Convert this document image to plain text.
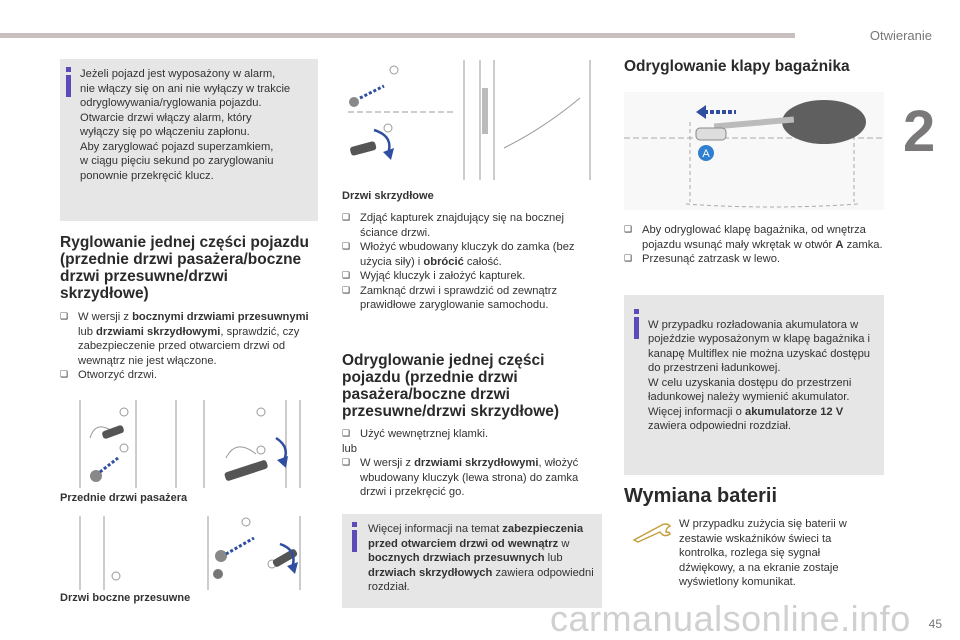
Otwieranie
2
Jeżeli pojazd jest wyposażony w alarm,
nie włączy się on ani nie wyłączy w trakcie
odryglowywania/ryglowania pojazdu.
Otwarcie drzwi włączy alarm, który
wyłączy się po włączeniu zapłonu.
Aby zaryglować pojazd superzamkiem,
w ciągu pięciu sekund po zaryglowaniu
ponownie przekręcić klucz.
Ryglowanie jednej części pojazdu (przednie drzwi pasażera/boczne drzwi przesuwne/drzwi skrzydłowe)
❑ W wersji z bocznymi drzwiami przesuwnymi lub drzwiami skrzydłowymi, sprawdzić, czy zabezpieczenie przed otwarciem drzwi od wewnątrz nie jest włączone.
❑ Otworzyć drzwi.
Przednie drzwi pasażera
Drzwi boczne przesuwne
Drzwi skrzydłowe
❑ Zdjąć kapturek znajdujący się na bocznej ściance drzwi.
❑ Włożyć wbudowany kluczyk do zamka (bez użycia siły) i obrócić całość.
❑ Wyjąć kluczyk i założyć kapturek.
❑ Zamknąć drzwi i sprawdzić od zewnątrz prawidłowe zaryglowanie samochodu.
Odryglowanie jednej części pojazdu (przednie drzwi pasażera/boczne drzwi przesuwne/drzwi skrzydłowe)
❑ Użyć wewnętrznej klamki.
lub
❑ W wersji z drzwiami skrzydłowymi, włożyć wbudowany kluczyk (lewa strona) do zamka drzwi i przekręcić go.
Więcej informacji na temat zabezpieczenia przed otwarciem drzwi od wewnątrz w bocznych drzwiach przesuwnych lub drzwiach skrzydłowych zawiera odpowiedni rozdział.
Odryglowanie klapy bagażnika
A
❑ Aby odryglować klapę bagażnika, od wnętrza pojazdu wsunąć mały wkrętak w otwór A zamka.
❑ Przesunąć zatrzask w lewo.

W przypadku rozładowania akumulatora w pojeździe wyposażonym w klapę bagażnika i kanapę Multiflex nie można uzyskać dostępu do przestrzeni ładunkowej.
W celu uzyskania dostępu do przestrzeni ładunkowej należy wymienić akumulator.
Więcej informacji o akumulatorze 12 V zawiera odpowiedni rozdział.

Wymiana baterii
W przypadku zużycia się baterii w zestawie wskaźników świeci ta kontrolka, rozlega się sygnał dźwiękowy, a na ekranie zostaje wyświetlony komunikat.
carmanualsonline.info 45
